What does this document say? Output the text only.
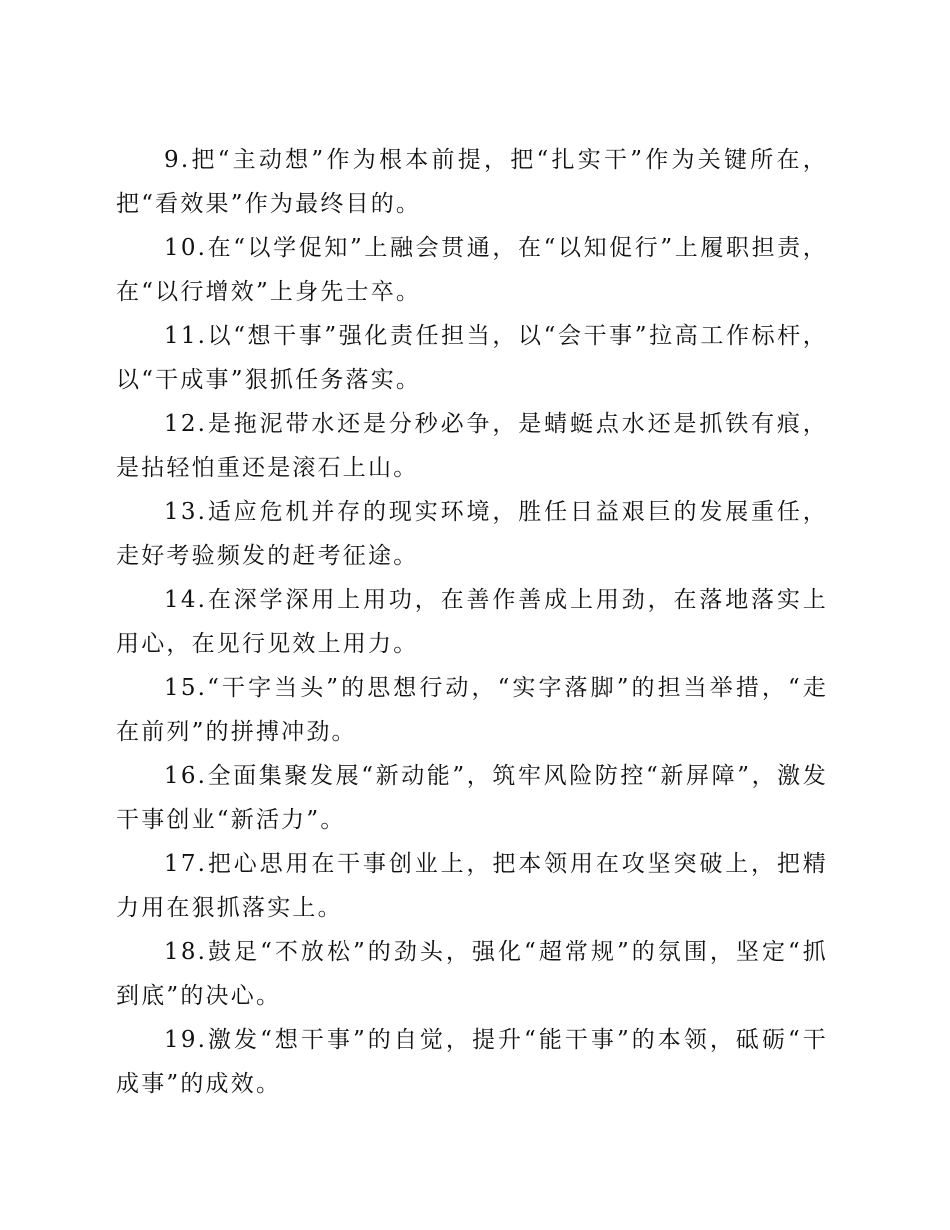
9.把“主动想”作为根本前提，把“扎实干”作为关键所在，把“看效果”作为最终目的。

10.在“以学促知”上融会贯通，在“以知促行”上履职担责，在“以行增效”上身先士卒。

11.以“想干事”强化责任担当，以“会干事”拉高工作标杆，以“干成事”狠抓任务落实。

12.是拖泥带水还是分秒必争，是蜻蜓点水还是抓铁有痕，是拈轻怕重还是滚石上山。

13.适应危机并存的现实环境，胜任日益艰巨的发展重任，走好考验频发的赶考征途。

14.在深学深用上用功，在善作善成上用劲，在落地落实上用心，在见行见效上用力。

15.“干字当头”的思想行动，“实字落脚”的担当举措，“走在前列”的拼搏冲劲。

16.全面集聚发展“新动能”，筑牢风险防控“新屏障”，激发干事创业“新活力”。

17.把心思用在干事创业上，把本领用在攻坚突破上，把精力用在狠抓落实上。

18.鼓足“不放松”的劲头，强化“超常规”的氛围，坚定“抓到底”的决心。

19.激发“想干事”的自觉，提升“能干事”的本领，砥砺“干成事”的成效。
